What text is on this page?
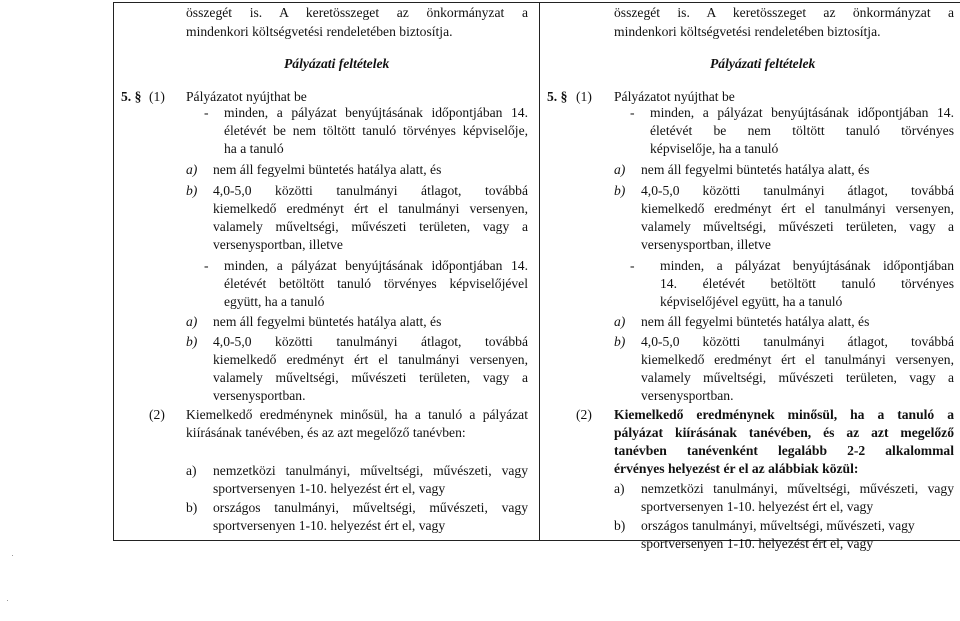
összegét is. A keretösszeget az önkormányzat a
mindenkori költségvetési rendeletében biztosítja.
Pályázati feltételek
5. § (1) Pályázatot nyújthat be
- minden, a pályázat benyújtásának időpontjában 14.
életévét be nem töltött tanuló törvényes képviselője,
ha a tanuló
a) nem áll fegyelmi büntetés hatálya alatt, és
b) 4,0-5,0 közötti tanulmányi átlagot, továbbá
kiemelkedő eredményt ért el tanulmányi versenyen,
valamely műveltségi, művészeti területen, vagy a
versenysportban, illetve
- minden, a pályázat benyújtásának időpontjában 14.
életévét betöltött tanuló törvényes képviselőjével
együtt, ha a tanuló
a) nem áll fegyelmi büntetés hatálya alatt, és
b) 4,0-5,0 közötti tanulmányi átlagot, továbbá
kiemelkedő eredményt ért el tanulmányi versenyen,
valamely műveltségi, művészeti területen, vagy a
versenysportban.
(2) Kiemelkedő eredménynek minősül, ha a tanuló a pályázat
kiírásának tanévében, és az azt megelőző tanévben:
a) nemzetközi tanulmányi, műveltségi, művészeti, vagy
sportversenyen 1-10. helyezést ért el, vagy
b) országos tanulmányi, műveltségi, művészeti, vagy
összegét is. A keretösszeget az önkormányzat a
mindenkori költségvetési rendeletében biztosítja.
Pályázati feltételek
5. § (1) Pályázatot nyújthat be
- minden, a pályázat benyújtásának időpontjában 14.
életévét be nem töltött tanuló törvényes
képviselője, ha a tanuló
a) nem áll fegyelmi büntetés hatálya alatt, és
b) 4,0-5,0 közötti tanulmányi átlagot, továbbá
kiemelkedő eredményt ért el tanulmányi versenyen,
valamely műveltségi, művészeti területen, vagy a
versenysportban, illetve
- minden, a pályázat benyújtásának időpontjában
14. életévét betöltött tanuló törvényes
képviselőjével együtt, ha a tanuló
a) nem áll fegyelmi büntetés hatálya alatt, és
b) 4,0-5,0 közötti tanulmányi átlagot, továbbá
kiemelkedő eredményt ért el tanulmányi versenyen,
valamely műveltségi, művészeti területen, vagy a
versenysportban.
(2) Kiemelkedő eredménynek minősül, ha a tanuló a
pályázat kiírásának tanévében, és az azt megelőző
tanévben tanévenként legalább 2-2 alkalommal
érvényes helyezést ér el az alábbiak közül:
a) nemzetközi tanulmányi, műveltségi, művészeti, vagy
sportversenyen 1-10. helyezést ért el, vagy
sportversenyen 1-10. helyezést ért el, vagy	b) országos tanulmányi, műveltségi, művészeti, vagy
sportversenyen 1-10. helyezést ért el, vagy
